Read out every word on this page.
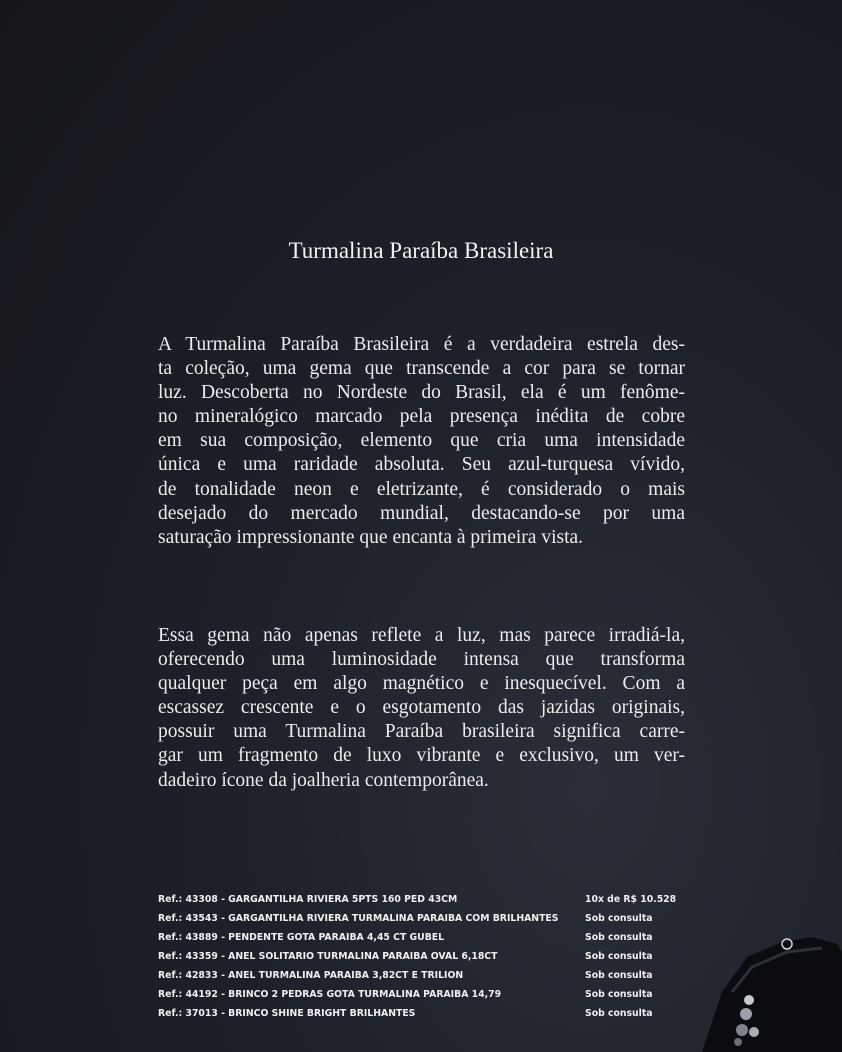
Turmalina Paraíba Brasileira
A Turmalina Paraíba Brasileira é a verdadeira estrela des-
ta coleção, uma gema que transcende a cor para se tornar
luz. Descoberta no Nordeste do Brasil, ela é um fenôme-
no mineralógico marcado pela presença inédita de cobre
em sua composição, elemento que cria uma intensidade
única e uma raridade absoluta. Seu azul-turquesa vívido,
de tonalidade neon e eletrizante, é considerado o mais
desejado do mercado mundial, destacando-se por uma
saturação impressionante que encanta à primeira vista.
Essa gema não apenas reflete a luz, mas parece irradiá-la,
oferecendo uma luminosidade intensa que transforma
qualquer peça em algo magnético e inesquecível. Com a
escassez crescente e o esgotamento das jazidas originais,
possuir uma Turmalina Paraíba brasileira significa carre-
gar um fragmento de luxo vibrante e exclusivo, um ver-
dadeiro ícone da joalheria contemporânea.
Ref.: 43308 - GARGANTILHA RIVIERA 5PTS 160 PED 43CM	10x de R$ 10.528
Ref.: 43543 - GARGANTILHA RIVIERA TURMALINA PARAIBA COM BRILHANTES	Sob consulta
Ref.: 43889 - PENDENTE GOTA PARAIBA 4,45 CT GUBEL	Sob consulta
Ref.: 43359 - ANEL SOLITARIO TURMALINA PARAIBA OVAL 6,18CT	Sob consulta
Ref.: 42833 - ANEL TURMALINA PARAIBA 3,82CT E TRILION	Sob consulta
Ref.: 44192 - BRINCO 2 PEDRAS GOTA TURMALINA PARAIBA 14,79	Sob consulta
Ref.: 37013 - BRINCO SHINE BRIGHT BRILHANTES	Sob consulta
